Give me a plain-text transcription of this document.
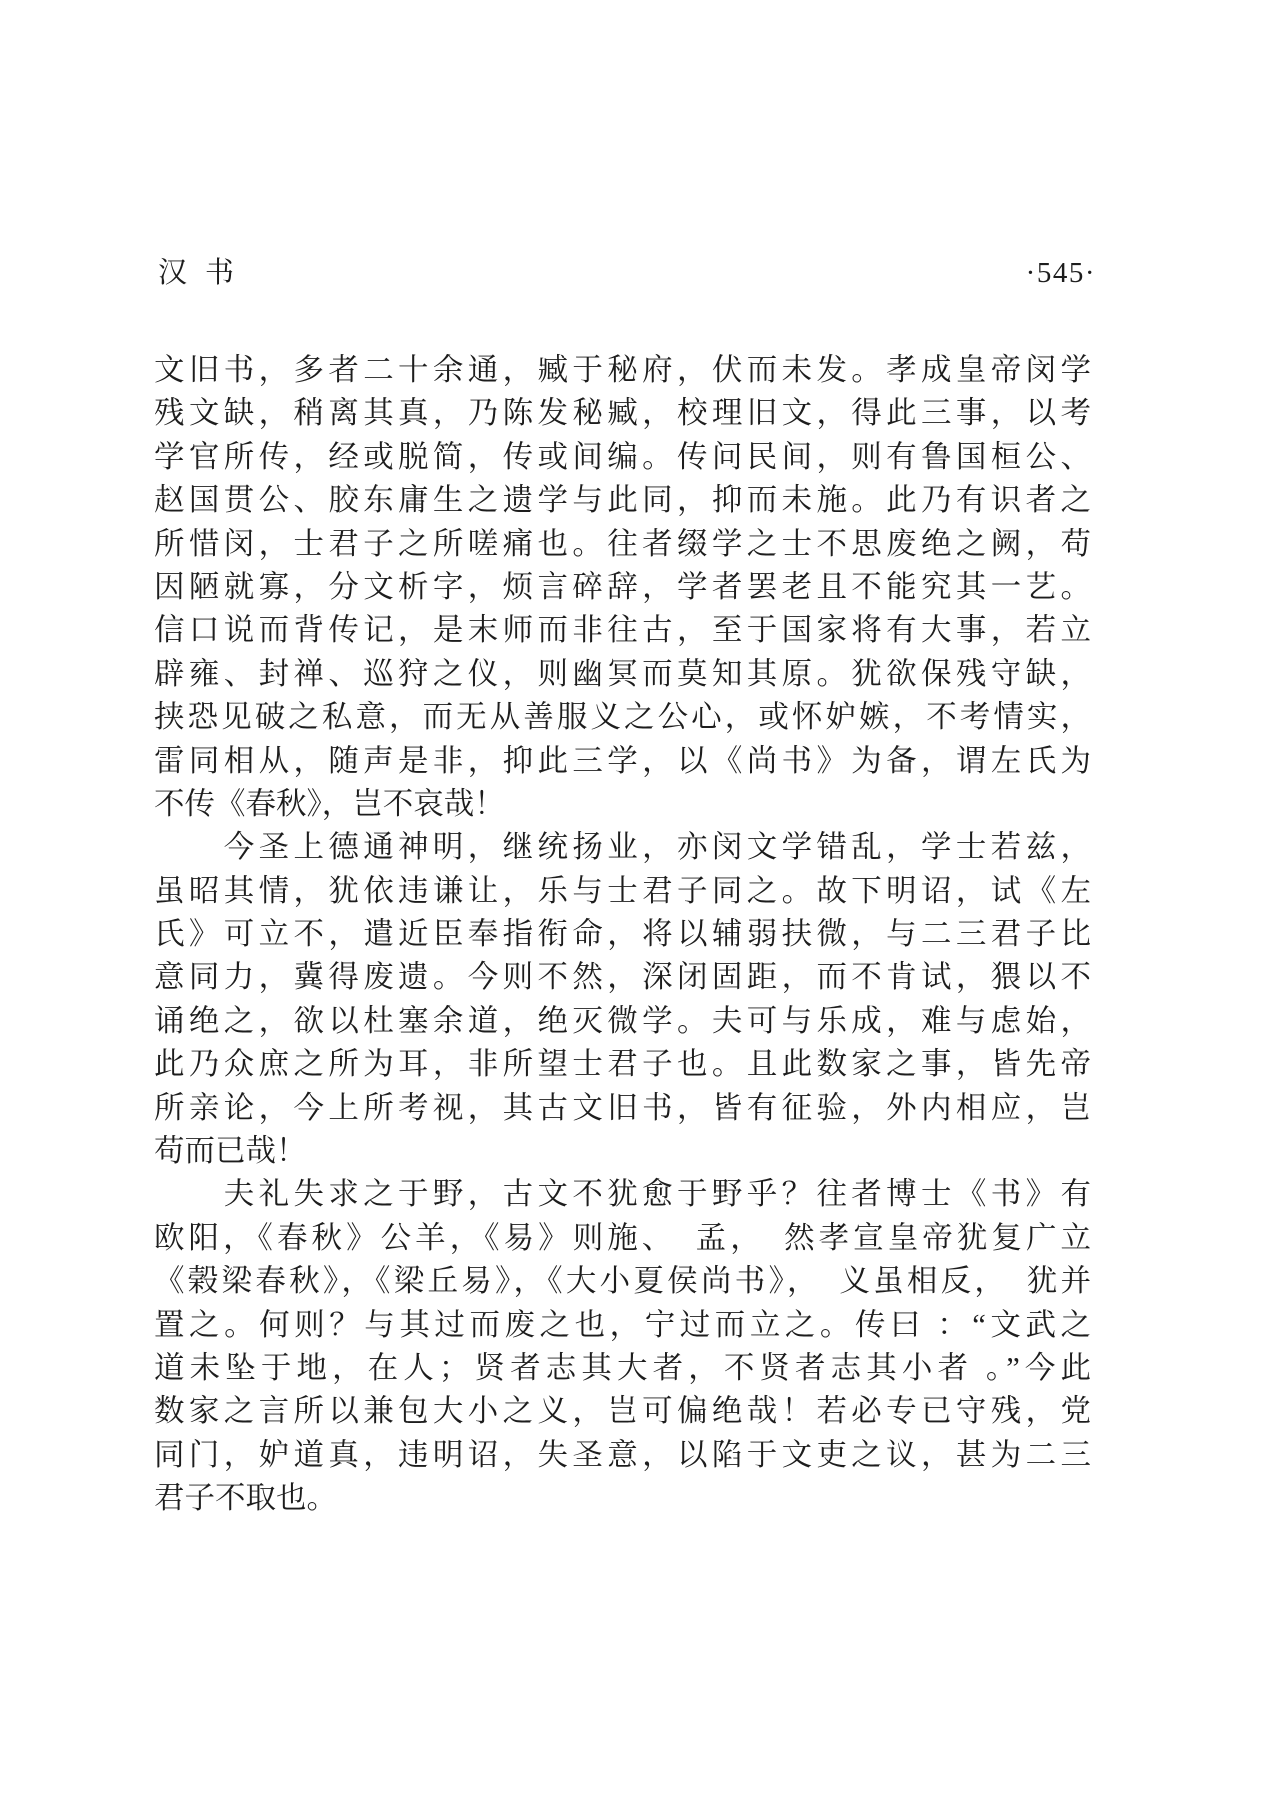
汉书	·545·
文旧书，多者二十余通，臧于秘府，伏而未发。孝成皇帝闵学
残文缺，稍离其真，乃陈发秘臧，校理旧文，得此三事，以考
学官所传，经或脱简，传或间编。传问民间，则有鲁国桓公、
赵国贯公、胶东庸生之遗学与此同，抑而未施。此乃有识者之
所惜闵，士君子之所嗟痛也。往者缀学之士不思废绝之阙，苟
因陋就寡，分文析字，烦言碎辞，学者罢老且不能究其一艺。
信口说而背传记，是末师而非往古，至于国家将有大事，若立
辟雍、封禅、巡狩之仪，则幽冥而莫知其原。犹欲保残守缺，
挟恐见破之私意，而无从善服义之公心，或怀妒嫉，不考情实，
雷同相从，随声是非，抑此三学，以《尚书》为备，谓左氏为
不传《春秋》，岂不哀哉！
　　今圣上德通神明，继统扬业，亦闵文学错乱，学士若兹，
虽昭其情，犹依违谦让，乐与士君子同之。故下明诏，试《左
氏》可立不，遣近臣奉指衔命，将以辅弱扶微，与二三君子比
意同力，冀得废遗。今则不然，深闭固距，而不肯试，猥以不
诵绝之，欲以杜塞余道，绝灭微学。夫可与乐成，难与虑始，
此乃众庶之所为耳，非所望士君子也。且此数家之事，皆先帝
所亲论，今上所考视，其古文旧书，皆有征验，外内相应，岂
苟而已哉！
　　夫礼失求之于野，古文不犹愈于野乎？往者博士《书》有
欧阳，《春秋》公羊，《易》则施、　孟，　然孝宣皇帝犹复广立
《榖梁春秋》，《梁丘易》，《大小夏侯尚书》，　义虽相反，　犹并
置之。何则？与其过而废之也，宁过而立之。传曰 ：“文武之
道未坠于地，在人；贤者志其大者，不贤者志其小者 。”今此
数家之言所以兼包大小之义，岂可偏绝哉！若必专已守残，党
同门，妒道真，违明诏，失圣意，以陷于文吏之议，甚为二三
君子不取也。
